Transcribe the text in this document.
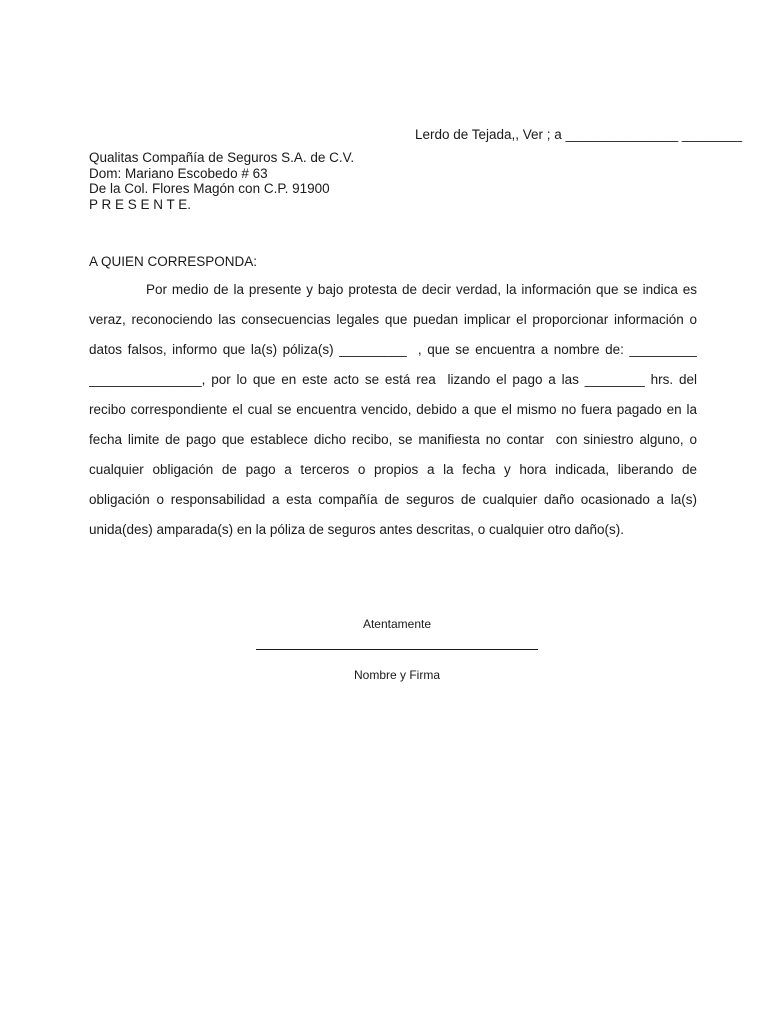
Lerdo de Tejada,, Ver ; a _______________ ________
Qualitas Compañía de Seguros S.A. de C.V.
Dom: Mariano Escobedo # 63
De la Col. Flores Magón con C.P. 91900
P R E S E N T E.
A QUIEN CORRESPONDA:
Por medio de la presente y bajo protesta de decir verdad, la información que se indica es
veraz, reconociendo las consecuencias legales que puedan implicar el proporcionar información o
datos falsos, informo que la(s) póliza(s) _________  , que se encuentra a nombre de: _________
_______________, por lo que en este acto se está rea  lizando el pago a las ________ hrs. del
recibo correspondiente el cual se encuentra vencido, debido a que el mismo no fuera pagado en la
fecha limite de pago que establece dicho recibo, se manifiesta no contar  con siniestro alguno, o
cualquier obligación de pago a terceros o propios a la fecha y hora indicada, liberando de
obligación o responsabilidad a esta compañía de seguros de cualquier daño ocasionado a la(s)
unida(des) amparada(s) en la póliza de seguros antes descritas, o cualquier otro daño(s).
Atentamente
Nombre y Firma
